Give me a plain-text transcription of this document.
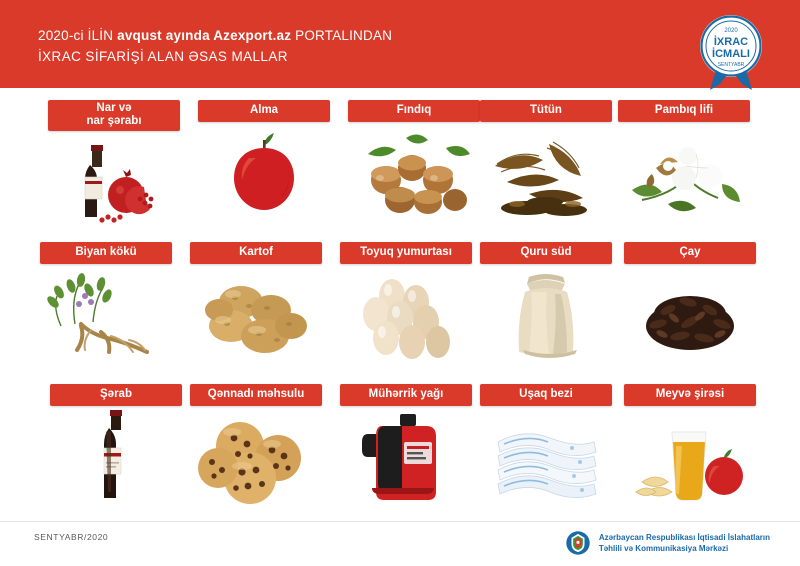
2020-ci İLİN avqust ayında Azexport.az PORTALINDAN
İXRAC SİFARİŞİ ALAN ƏSAS MALLAR
2020
İXRAC
İCMALI
SENTYABR
Nar və
nar şərabı
Alma	Fındıq	Tütün	Pambıq lifi
Biyan kökü	Kartof	Toyuq yumurtası	Quru süd	Çay
Şərab	Qənnadı məhsulu	Mühərrik yağı	Uşaq bezi	Meyvə şirəsi
SENTYABR/2020	Azərbaycan Respublikası İqtisadi İslahatların
Təhlili və Kommunikasiya Mərkəzi
